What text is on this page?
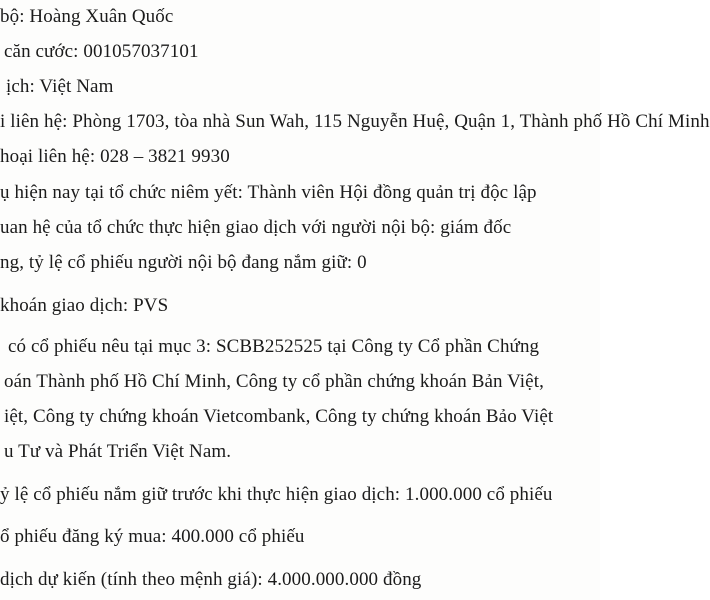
bộ: Hoàng Xuân Quốc
căn cước: 001057037101
ịch: Việt Nam
i liên hệ: Phòng 1703, tòa nhà Sun Wah, 115 Nguyễn Huệ, Quận 1, Thành phố Hồ Chí Minh
hoại liên hệ: 028 – 3821 9930
ụ hiện nay tại tổ chức niêm yết: Thành viên Hội đồng quản trị độc lập
uan hệ của tổ chức thực hiện giao dịch với người nội bộ: giám đốc
ng, tỷ lệ cổ phiếu người nội bộ đang nắm giữ: 0
khoán giao dịch: PVS
có cổ phiếu nêu tại mục 3: SCBB252525 tại Công ty Cổ phần Chứng
oán Thành phố Hồ Chí Minh, Công ty cổ phần chứng khoán Bản Việt,
iệt, Công ty chứng khoán Vietcombank, Công ty chứng khoán Bảo Việt
u Tư và Phát Triển Việt Nam.
ỷ lệ cổ phiếu nắm giữ trước khi thực hiện giao dịch: 1.000.000 cổ phiếu
ổ phiếu đăng ký mua: 400.000 cổ phiếu
dịch dự kiến (tính theo mệnh giá): 4.000.000.000 đồng
